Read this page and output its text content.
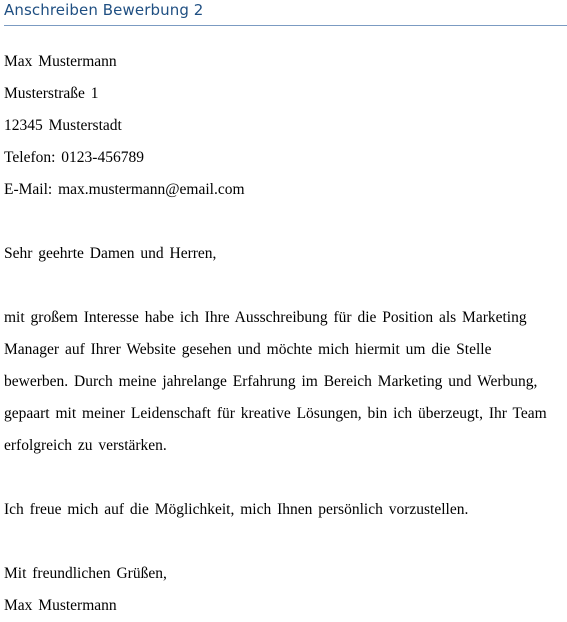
Anschreiben Bewerbung 2
Max Mustermann
Musterstraße 1
12345 Musterstadt
Telefon: 0123-456789
E-Mail: max.mustermann@email.com
Sehr geehrte Damen und Herren,
mit großem Interesse habe ich Ihre Ausschreibung für die Position als Marketing
Manager auf Ihrer Website gesehen und möchte mich hiermit um die Stelle
bewerben. Durch meine jahrelange Erfahrung im Bereich Marketing und Werbung,
gepaart mit meiner Leidenschaft für kreative Lösungen, bin ich überzeugt, Ihr Team
erfolgreich zu verstärken.
Ich freue mich auf die Möglichkeit, mich Ihnen persönlich vorzustellen.
Mit freundlichen Grüßen,
Max Mustermann
